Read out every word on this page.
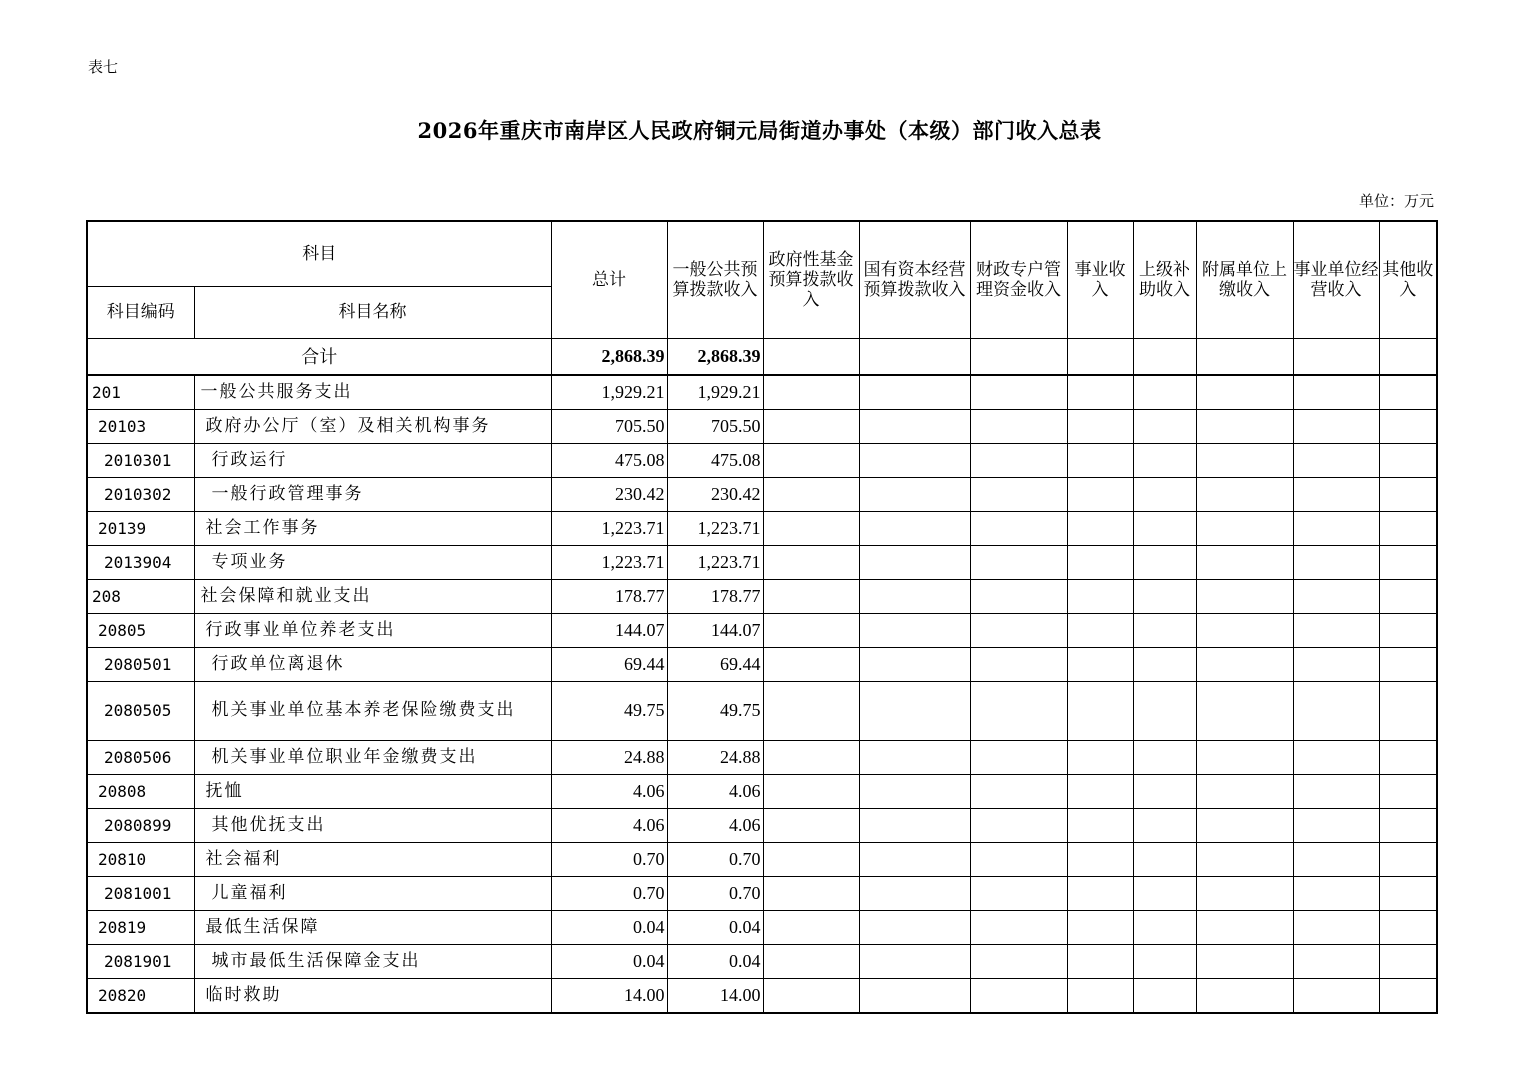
表七
2026年重庆市南岸区人民政府铜元局街道办事处（本级）部门收入总表
单位：万元
科目		总计	一般公共预算拨款收入	政府性基金预算拨款收入	国有资本经营预算拨款收入	财政专户管理资金收入	事业收入	上级补助收入	附属单位上缴收入	事业单位经营收入	其他收入
科目编码	科目名称										
合计		2,868.39	2,868.39								
201	一般公共服务支出	1,929.21	1,929.21								
20103	政府办公厅（室）及相关机构事务	705.50	705.50								
2010301	行政运行	475.08	475.08								
2010302	一般行政管理事务	230.42	230.42								
20139	社会工作事务	1,223.71	1,223.71								
2013904	专项业务	1,223.71	1,223.71								
208	社会保障和就业支出	178.77	178.77								
20805	行政事业单位养老支出	144.07	144.07								
2080501	行政单位离退休	69.44	69.44								
2080505	机关事业单位基本养老保险缴费支出	49.75	49.75								
2080506	机关事业单位职业年金缴费支出	24.88	24.88								
20808	抚恤	4.06	4.06								
2080899	其他优抚支出	4.06	4.06								
20810	社会福利	0.70	0.70								
2081001	儿童福利	0.70	0.70								
20819	最低生活保障	0.04	0.04								
2081901	城市最低生活保障金支出	0.04	0.04								
20820	临时救助	14.00	14.00								
